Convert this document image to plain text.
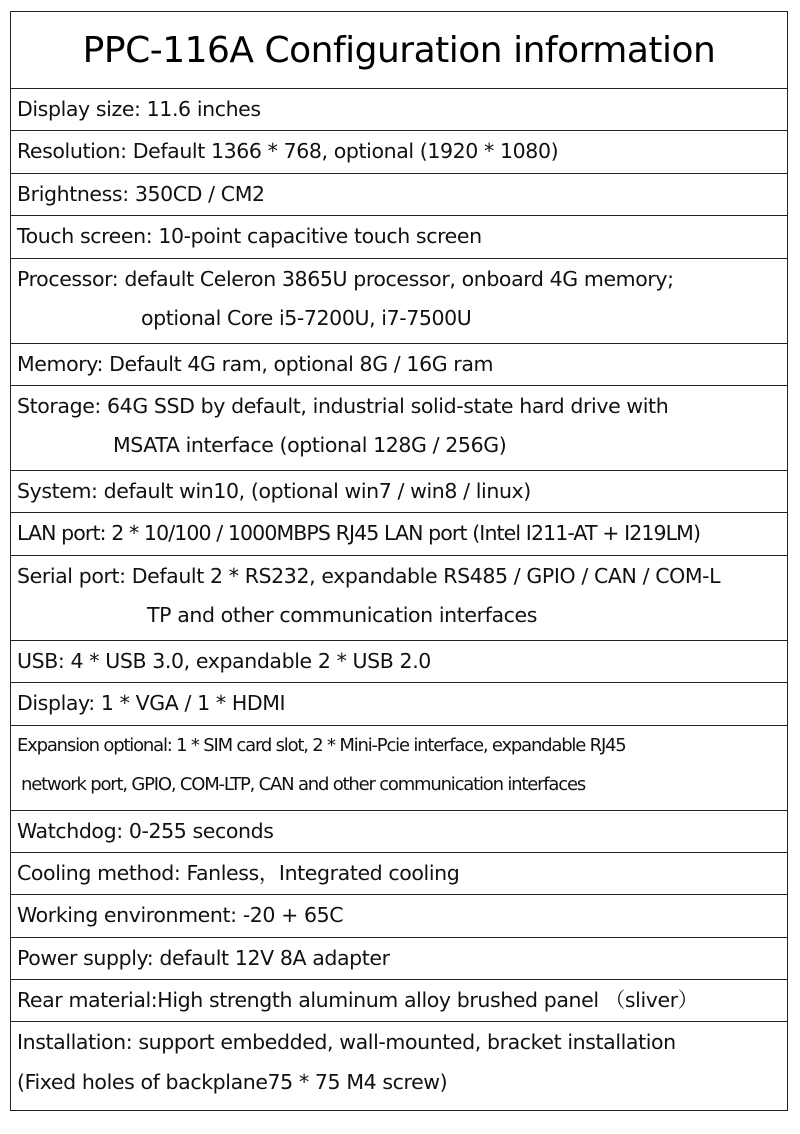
PPC-116A Configuration information
Display size: 11.6 inches
Resolution: Default 1366 * 768, optional (1920 * 1080)
Brightness: 350CD / CM2
Touch screen: 10-point capacitive touch screen
Processor: default Celeron 3865U processor, onboard 4G memory;
optional Core i5-7200U, i7-7500U
Memory: Default 4G ram, optional 8G / 16G ram
Storage: 64G SSD by default, industrial solid-state hard drive with
MSATA interface (optional 128G / 256G)
System: default win10, (optional win7 / win8 / linux)
LAN port: 2 * 10/100 / 1000MBPS RJ45 LAN port (Intel I211-AT + I219LM)
Serial port: Default 2 * RS232, expandable RS485 / GPIO / CAN / COM-L
TP and other communication interfaces
USB: 4 * USB 3.0, expandable 2 * USB 2.0
Display: 1 * VGA / 1 * HDMI
Expansion optional: 1 * SIM card slot, 2 * Mini-Pcie interface, expandable RJ45
network port, GPIO, COM-LTP, CAN and other communication interfaces
Watchdog: 0-255 seconds
Cooling method: Fanless，Integrated cooling
Working environment: -20 + 65C
Power supply: default 12V 8A adapter
Rear material:High strength aluminum alloy brushed panel （sliver）
Installation: support embedded, wall-mounted, bracket installation
(Fixed holes of backplane75 * 75 M4 screw)
